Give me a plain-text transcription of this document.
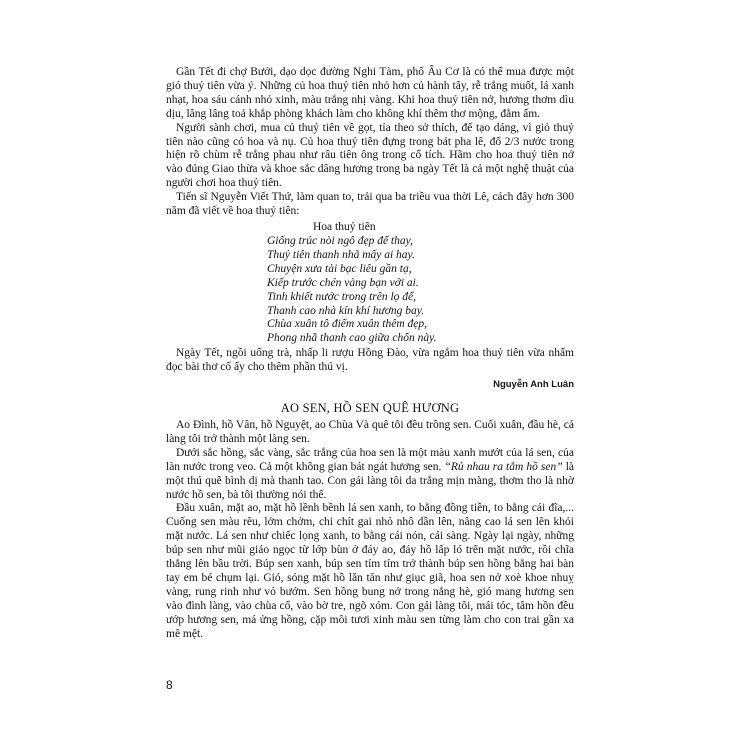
Gần Tết đi chợ Bưởi, dạo dọc đường Nghi Tàm, phố Âu Cơ là có thể mua được một giỏ thuỷ tiên vừa ý. Những củ hoa thuỷ tiên nhỏ hơn củ hành tây, rễ trắng muốt, lá xanh nhạt, hoa sáu cánh nhỏ xinh, màu trắng nhị vàng. Khi hoa thuỷ tiên nở, hương thơm dìu dịu, lâng lâng toả khắp phòng khách làm cho không khí thêm thơ mộng, đằm ấm.

Người sành chơi, mua củ thuỷ tiên về gọt, tỉa theo sở thích, để tạo dáng, vì giỏ thuỷ tiên nào cũng có hoa và nụ. Củ hoa thuỷ tiên đựng trong bát pha lê, đổ 2/3 nước trong hiện rõ chùm rễ trắng phau như râu tiên ông trong cổ tích. Hãm cho hoa thuỷ tiên nở vào đúng Giao thừa và khoe sắc dâng hương trong ba ngày Tết là cả một nghệ thuật của người chơi hoa thuỷ tiên.

Tiến sĩ Nguyễn Viết Thứ, làm quan to, trải qua ba triều vua thời Lê, cách đây hơn 300 năm đã viết về hoa thuỷ tiên:

Hoa thuỷ tiên
Giống trúc nòi ngô đẹp để thay,
Thuỷ tiên thanh nhã mấy ai hay.
Chuyện xưa tài bạc liêu gần tạ,
Kiếp trước chén vàng bạn với ai.
Tinh khiết nước trong trên lọ để,
Thanh cao nhà kín khí hương bay.
Chùa xuân tô điểm xuân thêm đẹp,
Phong nhã thanh cao giữa chốn này.

Ngày Tết, ngồi uống trà, nhấp li rượu Hồng Đào, vừa ngắm hoa thuỷ tiên vừa nhẩm đọc bài thơ cổ ấy cho thêm phần thú vị.

Nguyễn Anh Luân
AO SEN, HỒ SEN QUÊ HƯƠNG

Ao Đình, hồ Vân, hồ Nguyệt, ao Chùa Và quê tôi đều trồng sen. Cuối xuân, đầu hè, cả làng tôi trở thành một làng sen.

Dưới sắc hồng, sắc vàng, sắc trắng của hoa sen là một màu xanh mướt của lá sen, của làn nước trong veo. Cả một không gian bát ngát hương sen. “Rủ nhau ra tắm hồ sen” là một thú quê bình dị mà thanh tao. Con gái làng tôi da trắng mịn màng, thơm tho là nhờ nước hồ sen, bà tôi thường nói thế.

Đầu xuân, mặt ao, mặt hồ lềnh bềnh lá sen xanh, to bằng đồng tiền, to bằng cái đĩa,... Cuống sen màu rêu, lởm chởm, chi chít gai nhỏ nhô dần lên, nâng cao lá sen lên khỏi mặt nước. Lá sen như chiếc lọng xanh, to bằng cái nón, cái sàng. Ngày lại ngày, những búp sen như mũi giáo ngọc từ lớp bùn ở đáy ao, đáy hồ lấp ló trên mặt nước, rồi chĩa thẳng lên bầu trời. Búp sen xanh, búp sen tím tím trở thành búp sen hồng bằng hai bàn tay em bé chụm lại. Gió, sóng mặt hồ lăn tăn như giục giã, hoa sen nở xoè khoe nhuỵ vàng, rung rinh như vỏ bướm. Sen hồng bung nở trong nắng hè, gió mang hương sen vào đình làng, vào chùa cổ, vào bờ tre, ngõ xóm. Con gái làng tôi, mái tóc, tâm hồn đều ướp hương sen, má ửng hồng, cặp môi tươi xinh màu sen từng làm cho con trai gần xa mê mệt.

8
